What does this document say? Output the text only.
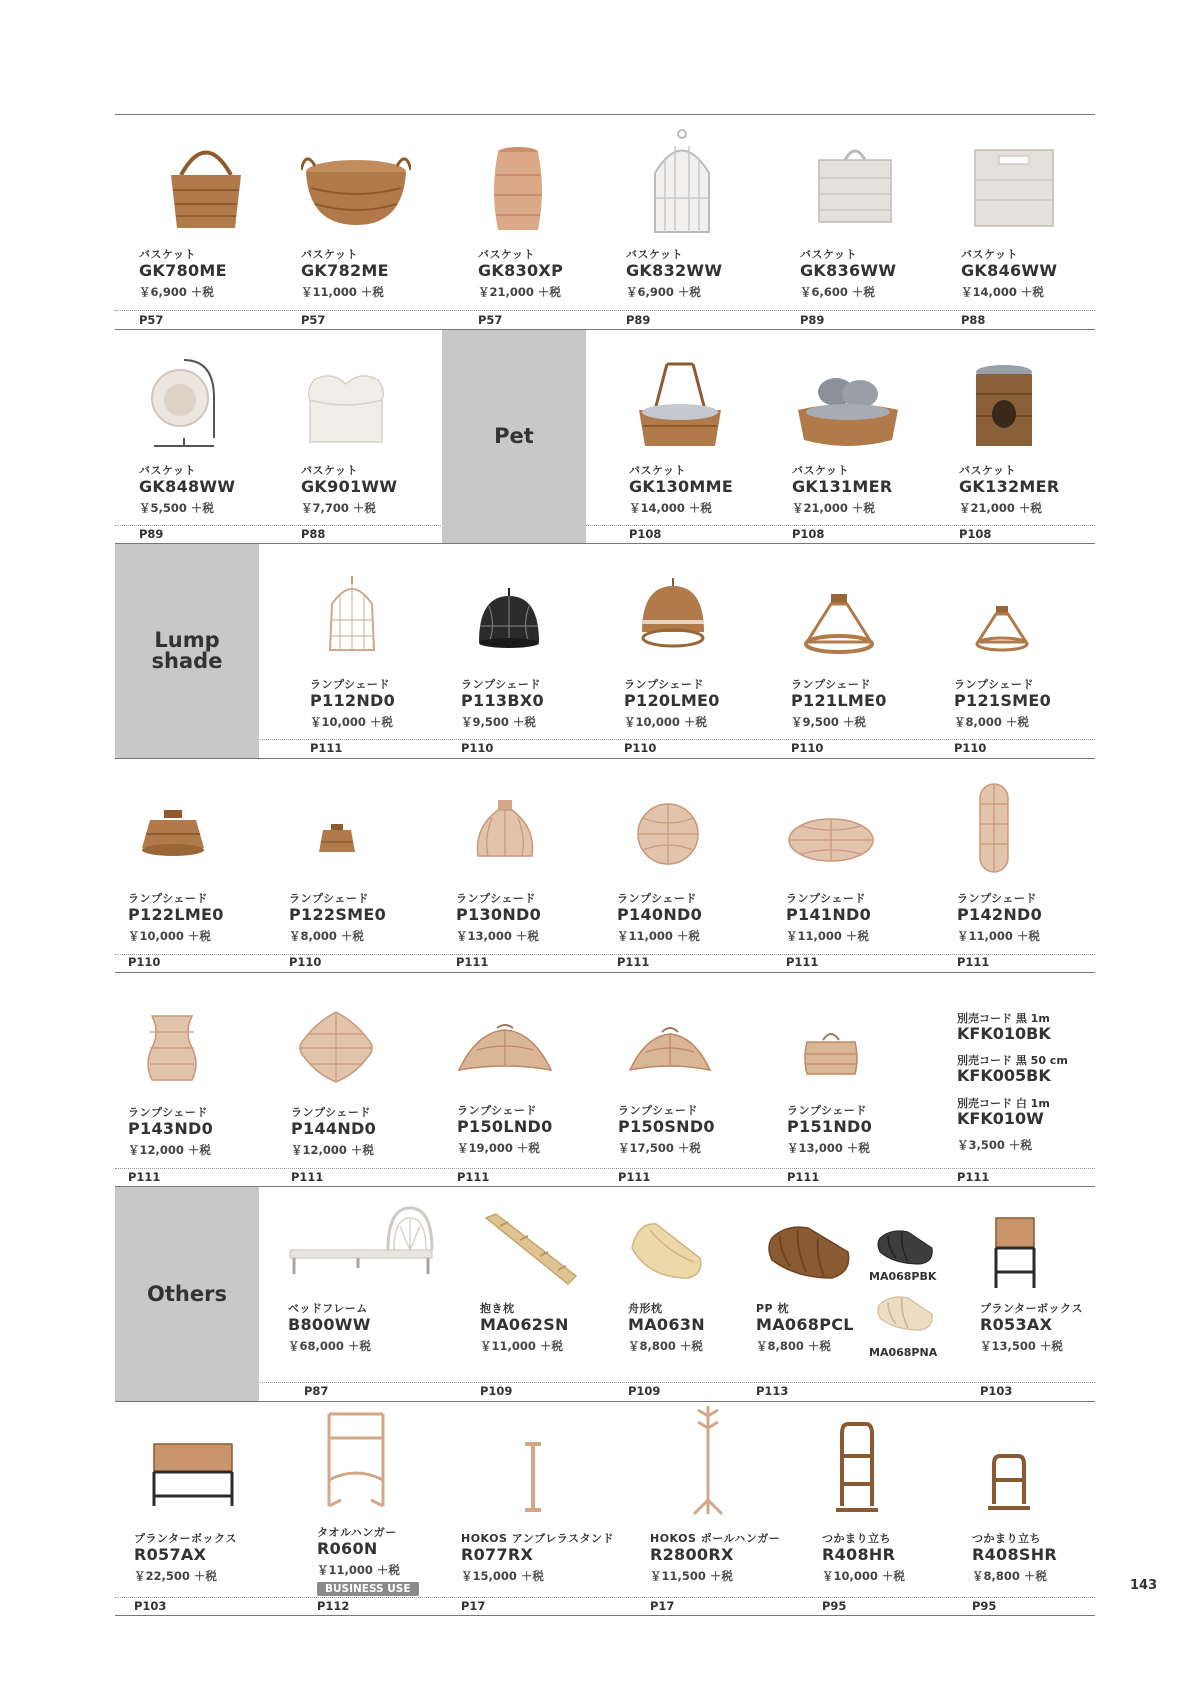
Pet
Lump
shade
Others
バスケット
GK780ME
￥6,900 ＋税
バスケット
GK782ME
￥11,000 ＋税
バスケット
GK830XP
￥21,000 ＋税
バスケット
GK832WW
￥6,900 ＋税
バスケット
GK836WW
￥6,600 ＋税
バスケット
GK846WW
￥14,000 ＋税
P57	P57	P57	P89	P89	P88
バスケット
GK848WW
￥5,500 ＋税
バスケット
GK901WW
￥7,700 ＋税
バスケット
GK130MME
￥14,000 ＋税
バスケット
GK131MER
￥21,000 ＋税
バスケット
GK132MER
￥21,000 ＋税
P89	P88	P108	P108	P108
ランプシェード
P112ND0
￥10,000 ＋税
ランプシェード
P113BX0
￥9,500 ＋税
ランプシェード
P120LME0
￥10,000 ＋税
ランプシェード
P121LME0
￥9,500 ＋税
ランプシェード
P121SME0
￥8,000 ＋税
P111	P110	P110	P110	P110
ランプシェード
P122LME0
￥10,000 ＋税
ランプシェード
P122SME0
￥8,000 ＋税
ランプシェード
P130ND0
￥13,000 ＋税
ランプシェード
P140ND0
￥11,000 ＋税
ランプシェード
P141ND0
￥11,000 ＋税
ランプシェード
P142ND0
￥11,000 ＋税
P110	P110	P111	P111	P111	P111
ランプシェード
P143ND0
￥12,000 ＋税
ランプシェード
P144ND0
￥12,000 ＋税
ランプシェード
P150LND0
￥19,000 ＋税
ランプシェード
P150SND0
￥17,500 ＋税
ランプシェード
P151ND0
￥13,000 ＋税
別売コード 黒 1m
KFK010BK
別売コード 黒 50 cm
KFK005BK
別売コード 白 1m
KFK010W
￥3,500 ＋税
P111	P111	P111	P111	P111	P111
ベッドフレーム
B800WW
￥68,000 ＋税
抱き枕
MA062SN
￥11,000 ＋税
舟形枕
MA063N
￥8,800 ＋税
PP 枕
MA068PCL
￥8,800 ＋税
MA068PBK
MA068PNA
プランターボックス
R053AX
￥13,500 ＋税
P87	P109	P109	P113	P103
プランターボックス
R057AX
￥22,500 ＋税
タオルハンガー
R060N
￥11,000 ＋税
BUSINESS USE
HOKOS アンブレラスタンド
R077RX
￥15,000 ＋税
HOKOS ポールハンガー
R2800RX
￥11,500 ＋税
つかまり立ち
R408HR
￥10,000 ＋税
つかまり立ち
R408SHR
￥8,800 ＋税
P103	P112	P17	P17	P95	P95
143
